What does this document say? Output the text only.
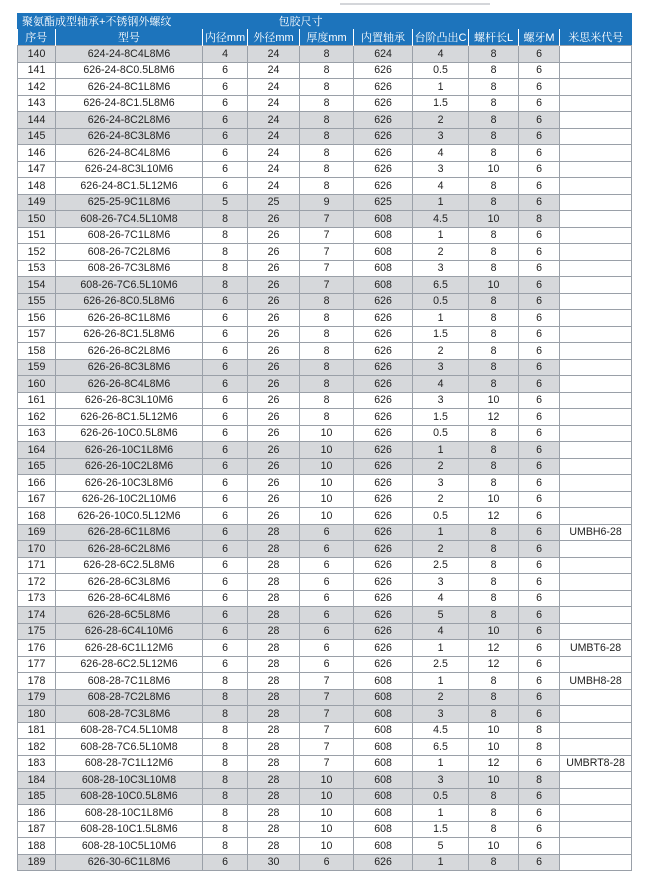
聚氨酯成型轴承+不锈钢外螺纹			包胶尺寸						
序号	型号	内径mm	外径mm	厚度mm	内置轴承	台阶凸出C	螺杆长L	螺牙M	米思米代号
140	624-24-8C4L8M6	4	24	8	624	4	8	6	
141	626-24-8C0.5L8M6	6	24	8	626	0.5	8	6	
142	626-24-8C1L8M6	6	24	8	626	1	8	6	
143	626-24-8C1.5L8M6	6	24	8	626	1.5	8	6	
144	626-24-8C2L8M6	6	24	8	626	2	8	6	
145	626-24-8C3L8M6	6	24	8	626	3	8	6	
146	626-24-8C4L8M6	6	24	8	626	4	8	6	
147	626-24-8C3L10M6	6	24	8	626	3	10	6	
148	626-24-8C1.5L12M6	6	24	8	626	4	8	6	
149	625-25-9C1L8M6	5	25	9	625	1	8	6	
150	608-26-7C4.5L10M8	8	26	7	608	4.5	10	8	
151	608-26-7C1L8M6	8	26	7	608	1	8	6	
152	608-26-7C2L8M6	8	26	7	608	2	8	6	
153	608-26-7C3L8M6	8	26	7	608	3	8	6	
154	608-26-7C6.5L10M6	8	26	7	608	6.5	10	6	
155	626-26-8C0.5L8M6	6	26	8	626	0.5	8	6	
156	626-26-8C1L8M6	6	26	8	626	1	8	6	
157	626-26-8C1.5L8M6	6	26	8	626	1.5	8	6	
158	626-26-8C2L8M6	6	26	8	626	2	8	6	
159	626-26-8C3L8M6	6	26	8	626	3	8	6	
160	626-26-8C4L8M6	6	26	8	626	4	8	6	
161	626-26-8C3L10M6	6	26	8	626	3	10	6	
162	626-26-8C1.5L12M6	6	26	8	626	1.5	12	6	
163	626-26-10C0.5L8M6	6	26	10	626	0.5	8	6	
164	626-26-10C1L8M6	6	26	10	626	1	8	6	
165	626-26-10C2L8M6	6	26	10	626	2	8	6	
166	626-26-10C3L8M6	6	26	10	626	3	8	6	
167	626-26-10C2L10M6	6	26	10	626	2	10	6	
168	626-26-10C0.5L12M6	6	26	10	626	0.5	12	6	
169	626-28-6C1L8M6	6	28	6	626	1	8	6	UMBH6-28
170	626-28-6C2L8M6	6	28	6	626	2	8	6	
171	626-28-6C2.5L8M6	6	28	6	626	2.5	8	6	
172	626-28-6C3L8M6	6	28	6	626	3	8	6	
173	626-28-6C4L8M6	6	28	6	626	4	8	6	
174	626-28-6C5L8M6	6	28	6	626	5	8	6	
175	626-28-6C4L10M6	6	28	6	626	4	10	6	
176	626-28-6C1L12M6	6	28	6	626	1	12	6	UMBT6-28
177	626-28-6C2.5L12M6	6	28	6	626	2.5	12	6	
178	608-28-7C1L8M6	8	28	7	608	1	8	6	UMBH8-28
179	608-28-7C2L8M6	8	28	7	608	2	8	6	
180	608-28-7C3L8M6	8	28	7	608	3	8	6	
181	608-28-7C4.5L10M8	8	28	7	608	4.5	10	8	
182	608-28-7C6.5L10M8	8	28	7	608	6.5	10	8	
183	608-28-7C1L12M6	8	28	7	608	1	12	6	UMBRT8-28
184	608-28-10C3L10M8	8	28	10	608	3	10	8	
185	608-28-10C0.5L8M6	8	28	10	608	0.5	8	6	
186	608-28-10C1L8M6	8	28	10	608	1	8	6	
187	608-28-10C1.5L8M6	8	28	10	608	1.5	8	6	
188	608-28-10C5L10M6	8	28	10	608	5	10	6	
189	626-30-6C1L8M6	6	30	6	626	1	8	6	
